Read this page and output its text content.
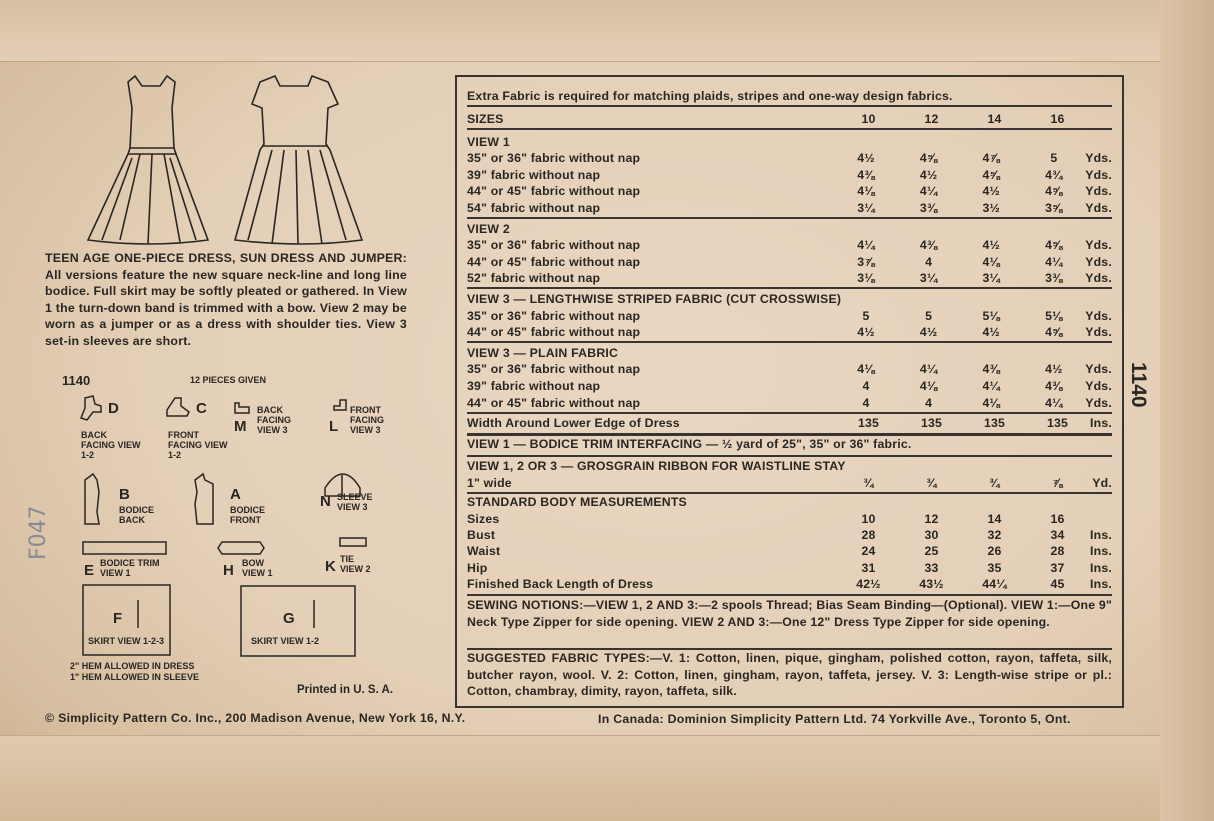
TEEN AGE ONE-PIECE DRESS, SUN DRESS AND JUMPER: All versions feature the new square neck-line and long line bodice. Full skirt may be softly pleated or gathered. In View 1 the turn-down band is trimmed with a bow. View 2 may be worn as a jumper or as a dress with shoulder ties. View 3 set-in sleeves are short.
1140	12 PIECES GIVEN
D
BACK FACING VIEW 1-2
C
FRONT FACING VIEW 1-2
M
BACK FACING VIEW 3	L
FRONT FACING VIEW 3
B
BODICE BACK
A
BODICE FRONT
N SLEEVE VIEW 3
E BODICE TRIM VIEW 1	H BOW VIEW 1	K TIE VIEW 2
F
SKIRT VIEW 1-2-3
G
SKIRT VIEW 1-2
2" HEM ALLOWED IN DRESS
1" HEM ALLOWED IN SLEEVE
Printed in U. S. A.
F047
Extra Fabric is required for matching plaids, stripes and one-way design fabrics.
SIZES	10	12	14	16
VIEW 1
35" or 36" fabric without nap	4½	4⅝	4⅞	5	Yds.
39" fabric without nap	4⅜	4½	4⅝	4¾	Yds.
44" or 45" fabric without nap	4⅛	4¼	4½	4⅝	Yds.
54" fabric without nap	3¼	3⅜	3½	3⅝	Yds.
VIEW 2
35" or 36" fabric without nap	4¼	4⅜	4½	4⅝	Yds.
44" or 45" fabric without nap	3⅞	4	4⅛	4¼	Yds.
52" fabric without nap	3⅛	3¼	3¼	3⅜	Yds.
VIEW 3 — LENGTHWISE STRIPED FABRIC (CUT CROSSWISE)
35" or 36" fabric without nap	5	5	5⅛	5⅛	Yds.
44" or 45" fabric without nap	4½	4½	4½	4⅝	Yds.
VIEW 3 — PLAIN FABRIC
35" or 36" fabric without nap	4⅛	4¼	4⅜	4½	Yds.
39" fabric without nap	4	4⅛	4¼	4⅜	Yds.
44" or 45" fabric without nap	4	4	4⅛	4¼	Yds.
Width Around Lower Edge of Dress	135	135	135	135	Ins.
VIEW 1 — BODICE TRIM INTERFACING — ½ yard of 25", 35" or 36" fabric.
VIEW 1, 2 OR 3 — GROSGRAIN RIBBON FOR WAISTLINE STAY
1" wide	¾	¾	¾	⅞	Yd.
STANDARD BODY MEASUREMENTS
Sizes	10	12	14	16
Bust	28	30	32	34	Ins.
Waist	24	25	26	28	Ins.
Hip	31	33	35	37	Ins.
Finished Back Length of Dress	42½	43½	44¼	45	Ins.
SEWING NOTIONS:—VIEW 1, 2 AND 3:—2 spools Thread; Bias Seam Binding—(Optional). VIEW 1:—One 9" Neck Type Zipper for side opening. VIEW 2 AND 3:—One 12" Dress Type Zipper for side opening.
SUGGESTED FABRIC TYPES:—V. 1: Cotton, linen, pique, gingham, polished cotton, rayon, taffeta, silk, butcher rayon, wool. V. 2: Cotton, linen, gingham, rayon, taffeta, jersey. V. 3: Length-wise stripe or pl.: Cotton, chambray, dimity, rayon, taffeta, silk.
1140
© Simplicity Pattern Co. Inc., 200 Madison Avenue, New York 16, N.Y.	In Canada: Dominion Simplicity Pattern Ltd. 74 Yorkville Ave., Toronto 5, Ont.
